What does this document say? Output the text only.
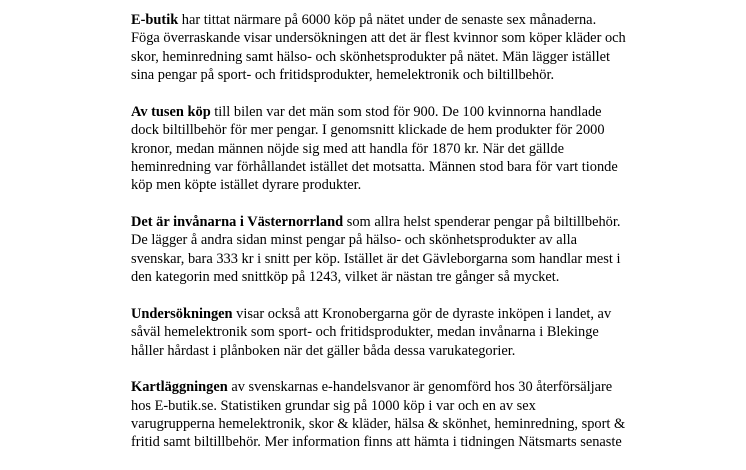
E-butik har tittat närmare på 6000 köp på nätet under de senaste sex månaderna.
Föga överraskande visar undersökningen att det är flest kvinnor som köper kläder och
skor, heminredning samt hälso- och skönhetsprodukter på nätet. Män lägger istället
sina pengar på sport- och fritidsprodukter, hemelektronik och biltillbehör.

Av tusen köp till bilen var det män som stod för 900. De 100 kvinnorna handlade
dock biltillbehör för mer pengar. I genomsnitt klickade de hem produkter för 2000
kronor, medan männen nöjde sig med att handla för 1870 kr. När det gällde
heminredning var förhållandet istället det motsatta. Männen stod bara för vart tionde
köp men köpte istället dyrare produkter.

Det är invånarna i Västernorrland som allra helst spenderar pengar på biltillbehör.
De lägger å andra sidan minst pengar på hälso- och skönhetsprodukter av alla
svenskar, bara 333 kr i snitt per köp. Istället är det Gävleborgarna som handlar mest i
den kategorin med snittköp på 1243, vilket är nästan tre gånger så mycket.

Undersökningen visar också att Kronobergarna gör de dyraste inköpen i landet, av
såväl hemelektronik som sport- och fritidsprodukter, medan invånarna i Blekinge
håller hårdast i plånboken när det gäller båda dessa varukategorier.

Kartläggningen av svenskarnas e-handelsvanor är genomförd hos 30 återförsäljare
hos E-butik.se. Statistiken grundar sig på 1000 köp i var och en av sex
varugrupperna hemelektronik, skor & kläder, hälsa & skönhet, heminredning, sport &
fritid samt biltillbehör. Mer information finns att hämta i tidningen Nätsmarts senaste
